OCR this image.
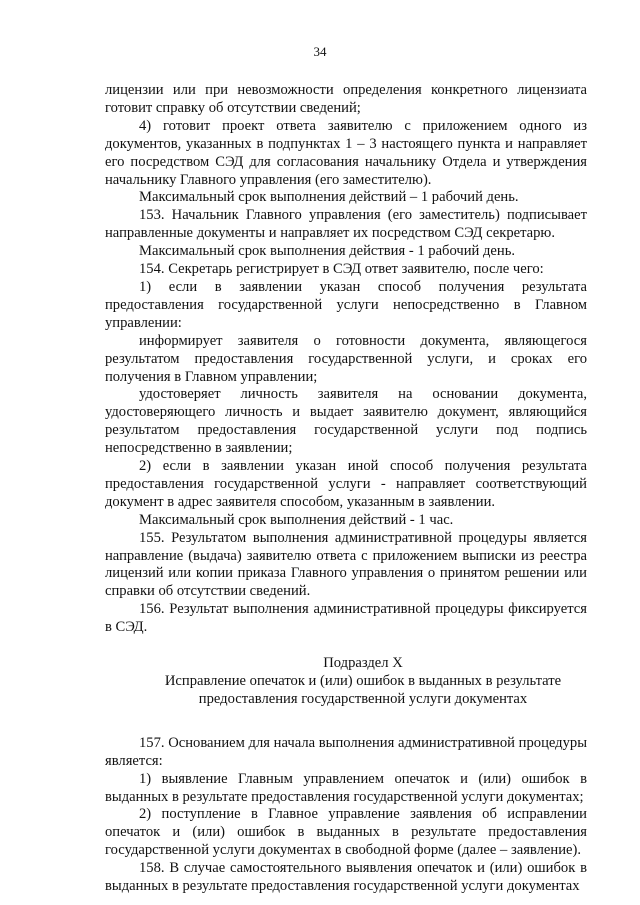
34

лицензии или при невозможности определения конкретного лицензиата готовит справку об отсутствии сведений;

4) готовит проект ответа заявителю с приложением одного из документов, указанных в подпунктах 1 – 3 настоящего пункта и направляет его посредством СЭД для согласования начальнику Отдела и утверждения начальнику Главного управления (его заместителю).

Максимальный срок выполнения действий – 1 рабочий день.

153. Начальник Главного управления (его заместитель) подписывает направленные документы и направляет их посредством СЭД секретарю.

Максимальный срок выполнения действия - 1 рабочий день.

154. Секретарь регистрирует в СЭД ответ заявителю, после чего:

1) если в заявлении указан способ получения результата предоставления государственной услуги непосредственно в Главном управлении:

информирует заявителя о готовности документа, являющегося результатом предоставления государственной услуги, и сроках его получения в Главном управлении;

удостоверяет личность заявителя на основании документа, удостоверяющего личность и выдает заявителю документ, являющийся результатом предоставления государственной услуги под подпись непосредственно в заявлении;

2) если в заявлении указан иной способ получения результата предоставления государственной услуги - направляет соответствующий документ в адрес заявителя способом, указанным в заявлении.

Максимальный срок выполнения действий - 1 час.

155. Результатом выполнения административной процедуры является направление (выдача) заявителю ответа с приложением выписки из реестра лицензий или копии приказа Главного управления о принятом решении или справки об отсутствии сведений.

156. Результат выполнения административной процедуры фиксируется в СЭД.

Подраздел X

Исправление опечаток и (или) ошибок в выданных в результате

предоставления государственной услуги документах

157. Основанием для начала выполнения административной процедуры является:

1) выявление Главным управлением опечаток и (или) ошибок в выданных в результате предоставления государственной услуги документах;

2) поступление в Главное управление заявления об исправлении опечаток и (или) ошибок в выданных в результате предоставления государственной услуги документах в свободной форме (далее – заявление).

158. В случае самостоятельного выявления опечаток и (или) ошибок в выданных в результате предоставления государственной услуги документах
